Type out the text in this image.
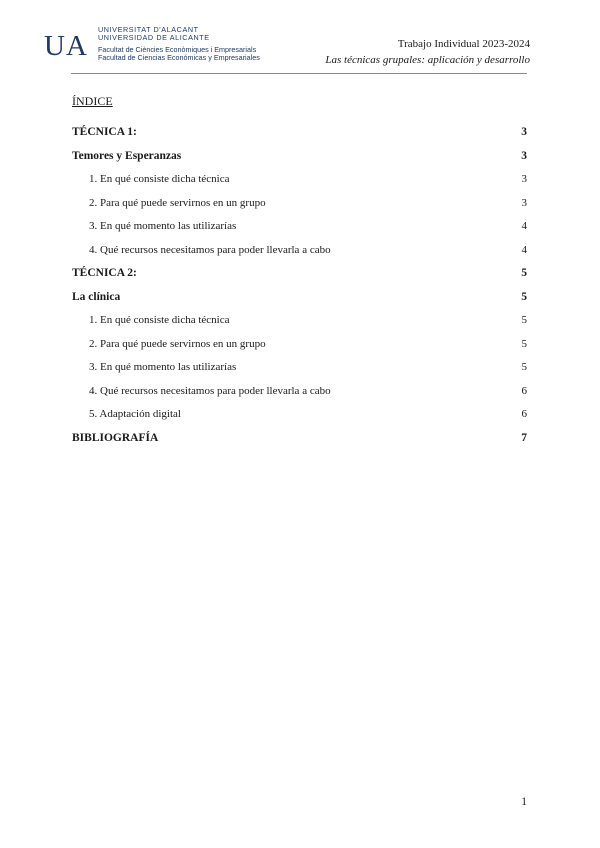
UA
UNIVERSITAT D'ALACANT
UNIVERSIDAD DE ALICANTE
Facultat de Ciències Econòmiques i Empresarials
Facultad de Ciencias Económicas y Empresariales
Trabajo Individual 2023-2024
Las técnicas grupales: aplicación y desarrollo
ÍNDICE
TÉCNICA 1:	3
Temores y Esperanzas	3
1. En qué consiste dicha técnica	3
2. Para qué puede servirnos en un grupo	3
3. En qué momento las utilizarías	4
4. Qué recursos necesitamos para poder llevarla a cabo	4
TÉCNICA 2:	5
La clínica	5
1. En qué consiste dicha técnica	5
2. Para qué puede servirnos en un grupo	5
3. En qué momento las utilizarías	5
4. Qué recursos necesitamos para poder llevarla a cabo	6
5. Adaptación digital	6
BIBLIOGRAFÍA	7
1
